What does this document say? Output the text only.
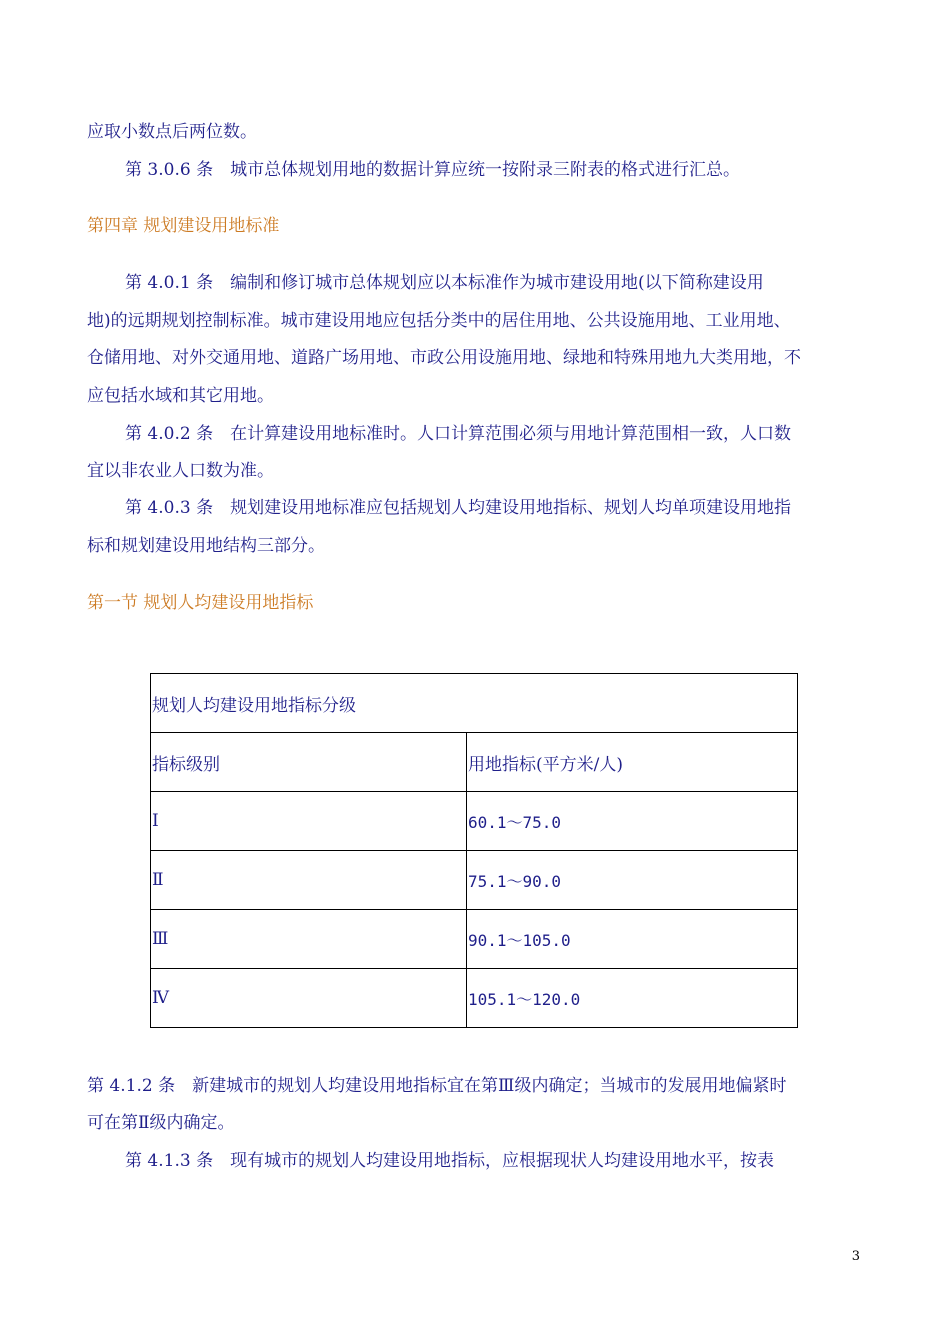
应取小数点后两位数。
第 3.0.6 条　城市总体规划用地的数据计算应统一按附录三附表的格式进行汇总。
第四章 规划建设用地标准
第 4.0.1 条　编制和修订城市总体规划应以本标准作为城市建设用地(以下简称建设用
地)的远期规划控制标准。城市建设用地应包括分类中的居住用地、公共设施用地、工业用地、
仓储用地、对外交通用地、道路广场用地、市政公用设施用地、绿地和特殊用地九大类用地，不
应包括水域和其它用地。
第 4.0.2 条　在计算建设用地标准时。人口计算范围必须与用地计算范围相一致，人口数
宜以非农业人口数为准。
第 4.0.3 条　规划建设用地标准应包括规划人均建设用地指标、规划人均单项建设用地指
标和规划建设用地结构三部分。
第一节 规划人均建设用地指标
规划人均建设用地指标分级	
指标级别	用地指标(平方米/人)
Ⅰ	60.1～75.0
Ⅱ	75.1～90.0
Ⅲ	90.1～105.0
Ⅳ	105.1～120.0
第 4.1.2 条　新建城市的规划人均建设用地指标宜在第Ⅲ级内确定；当城市的发展用地偏紧时
可在第Ⅱ级内确定。
第 4.1.3 条　现有城市的规划人均建设用地指标，应根据现状人均建设用地水平，按表
3
